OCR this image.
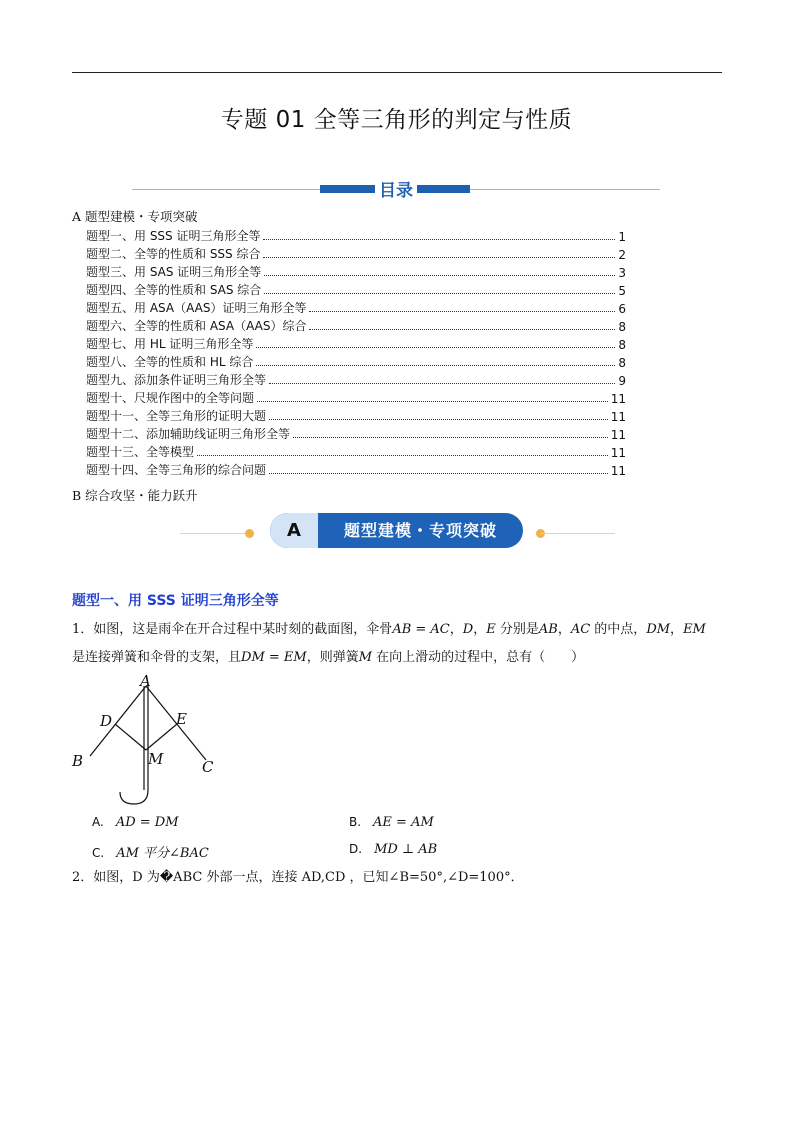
专题 01 全等三角形的判定与性质
目录
A 题型建模・专项突破
题型一、用 SSS 证明三角形全等	1
题型二、全等的性质和 SSS 综合	2
题型三、用 SAS 证明三角形全等	3
题型四、全等的性质和 SAS 综合	5
题型五、用 ASA（AAS）证明三角形全等	6
题型六、全等的性质和 ASA（AAS）综合	8
题型七、用 HL 证明三角形全等	8
题型八、全等的性质和 HL 综合	8
题型九、添加条件证明三角形全等	9
题型十、尺规作图中的全等问题	11
题型十一、全等三角形的证明大题	11
题型十二、添加辅助线证明三角形全等	11
题型十三、全等模型	11
题型十四、全等三角形的综合问题	11
B 综合攻坚・能力跃升
A	题型建模・专项突破
题型一、用 SSS 证明三角形全等
1．如图，这是雨伞在开合过程中某时刻的截面图，伞骨AB = AC，D，E 分别是AB，AC 的中点，DM，EM
是连接弹簧和伞骨的支架，且DM = EM，则弹簧M 在向上滑动的过程中，总有（　　）
A
D	E
M
B	C
A. AD = DM	B. AE = AM
C. AM 平分∠BAC	D. MD ⊥ AB
2．如图，D 为�ABC 外部一点，连接 AD,CD ，已知∠B=50°,∠D=100°．
